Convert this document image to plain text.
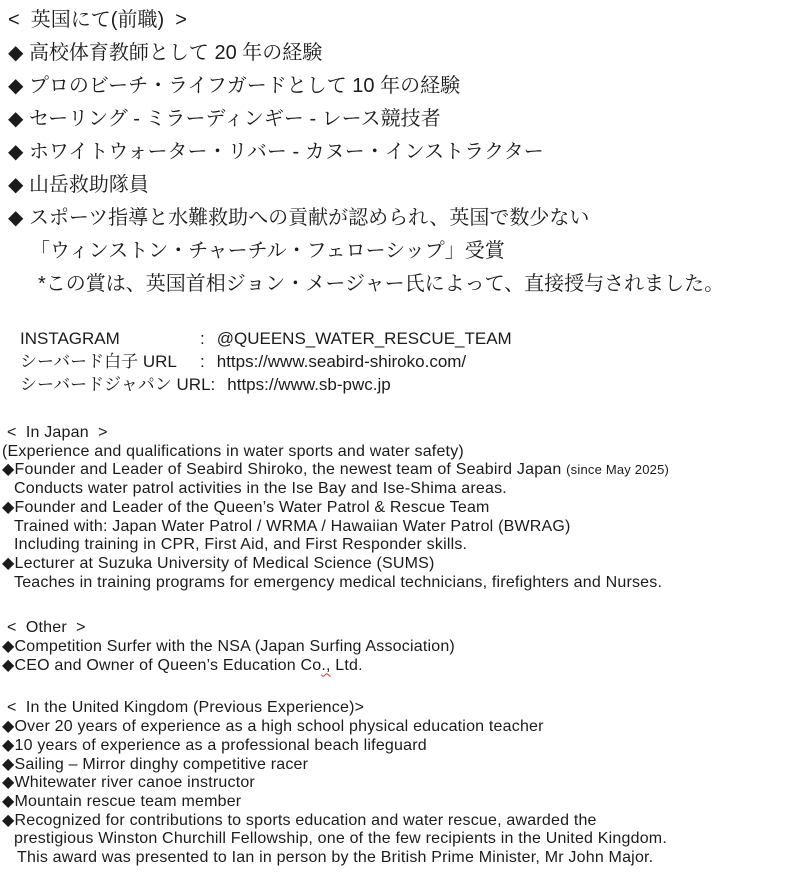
<  英国にて(前職)  >
◆ 高校体育教師として 20 年の経験
◆ プロのビーチ・ライフガードとして 10 年の経験
◆ セーリング - ミラーディンギー - レース競技者
◆ ホワイトウォーター・リバー - カヌー・インストラクター
◆ 山岳救助隊員
◆ スポーツ指導と水難救助への貢献が認められ、英国で数少ない
「ウィンストン・チャーチル・フェローシップ」受賞
*この賞は、英国首相ジョン・メージャー氏によって、直接授与されました。
INSTAGRAM	: @QUEENS_WATER_RESCUE_TEAM
シーバード白子 URL	: https://www.seabird-shiroko.com/
シーバードジャパン URL : https://www.sb-pwc.jp
<  In Japan  >
(Experience and qualifications in water sports and water safety)
◆Founder and Leader of Seabird Shiroko, the newest team of Seabird Japan (since May 2025)
Conducts water patrol activities in the Ise Bay and Ise-Shima areas.
◆Founder and Leader of the Queen’s Water Patrol & Rescue Team
Trained with: Japan Water Patrol / WRMA / Hawaiian Water Patrol (BWRAG)
Including training in CPR, First Aid, and First Responder skills.
◆Lecturer at Suzuka University of Medical Science (SUMS)
Teaches in training programs for emergency medical technicians, firefighters and Nurses.
<  Other  >
◆Competition Surfer with the NSA (Japan Surfing Association)
◆CEO and Owner of Queen’s Education Co., Ltd.
<  In the United Kingdom (Previous Experience)>
◆Over 20 years of experience as a high school physical education teacher
◆10 years of experience as a professional beach lifeguard
◆Sailing – Mirror dinghy competitive racer
◆Whitewater river canoe instructor
◆Mountain rescue team member
◆Recognized for contributions to sports education and water rescue, awarded the
prestigious Winston Churchill Fellowship, one of the few recipients in the United Kingdom.
This award was presented to Ian in person by the British Prime Minister, Mr John Major.
